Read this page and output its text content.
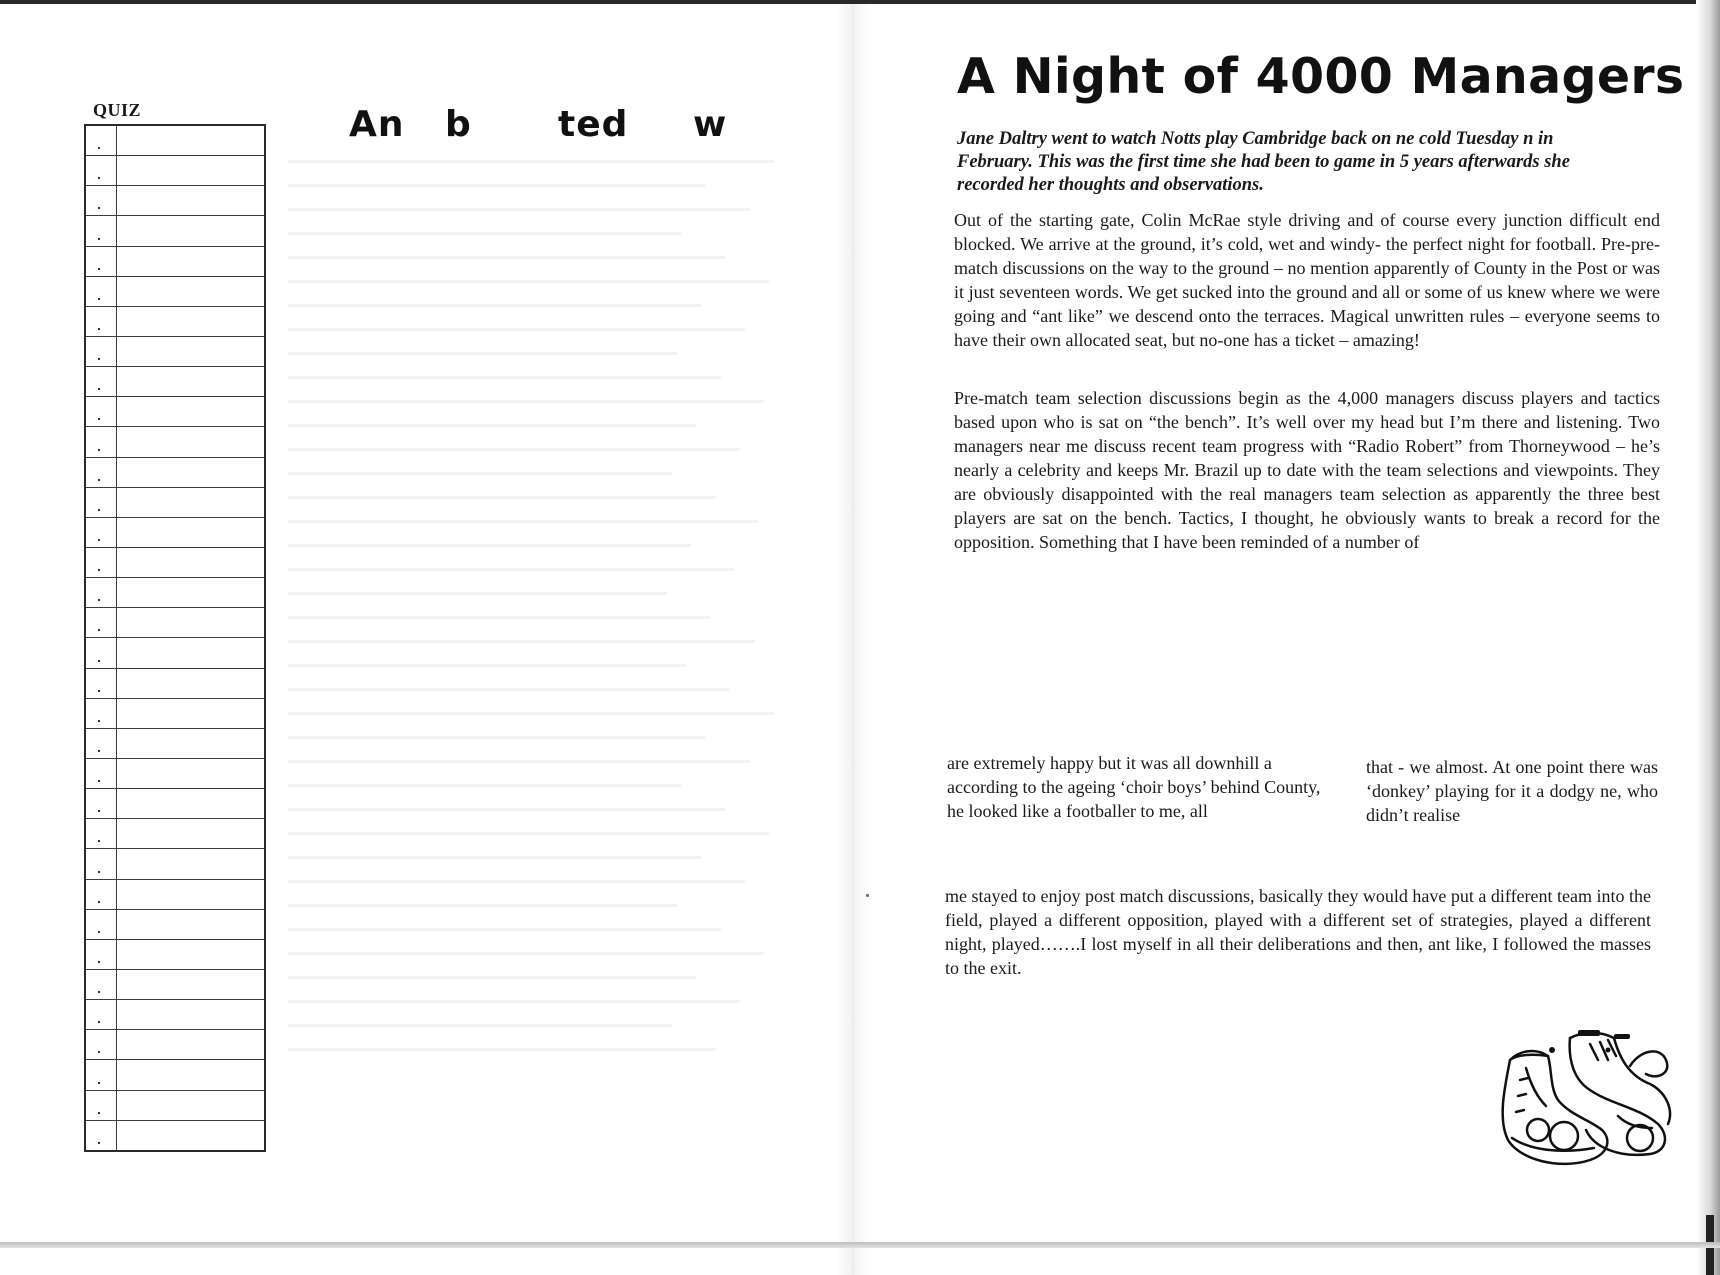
QUIZ	An b ted w
A Night of 4000 Managers
Jane Daltry went to watch Notts play Cambridge back on ne cold Tuesday n in February. This was the first time she had been to game in 5 years afterwards she recorded her thoughts and observations.
Out of the starting gate, Colin McRae style driving and of course every junction difficult end blocked. We arrive at the ground, it’s cold, wet and windy- the perfect night for football. Pre-pre-match discussions on the way to the ground – no mention apparently of County in the Post or was it just seventeen words. We get sucked into the ground and all or some of us knew where we were going and “ant like” we descend onto the terraces. Magical unwritten rules – everyone seems to have their own allocated seat, but no-one has a ticket – amazing!
Pre-match team selection discussions begin as the 4,000 managers discuss players and tactics based upon who is sat on “the bench”. It’s well over my head but I’m there and listening. Two managers near me discuss recent team progress with “Radio Robert” from Thorneywood – he’s nearly a celebrity and keeps Mr. Brazil up to date with the team selections and viewpoints. They are obviously disappointed with the real managers team selection as apparently the three best players are sat on the bench. Tactics, I thought, he obviously wants to break a record for the opposition. Something that I have been reminded of a number of
are extremely happy but it was all downhill a according to the ageing ‘choir boys’ behind County, he looked like a footballer to me, all
that - we almost. At one point there was ‘donkey’ playing for it a dodgy ne, who didn’t realise
me stayed to enjoy post match discussions, basically they would have put a different team into the field, played a different opposition, played with a different set of strategies, played a different night, played…….I lost myself in all their deliberations and then, ant like, I followed the masses to the exit.
